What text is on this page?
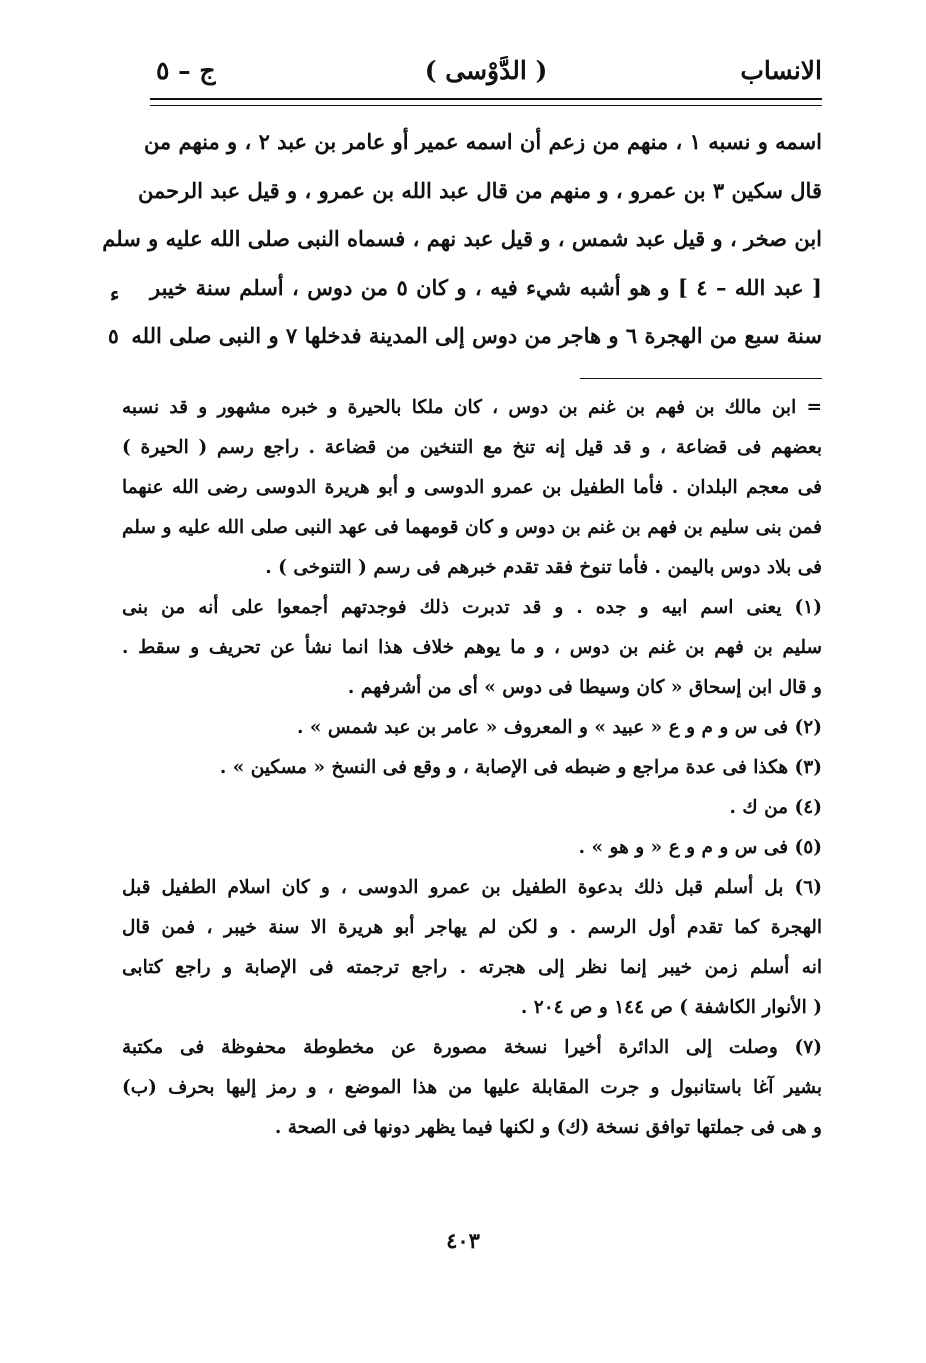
الانساب
( الدَّوْسى )
ج – ٥
اسمه و نسبه ١ ، منهم من زعم أن اسمه عمير أو عامر بن عبد ٢ ، و منهم من
قال سكين ٣ بن عمرو ، و منهم من قال عبد الله بن عمرو ، و قيل عبد الرحمن
ابن صخر ، و قيل عبد شمس ، و قيل عبد نهم ، فسماه النبى صلى الله عليه و سلم
[ عبد الله – ٤ ] و هو أشبه شيء فيه ، و كان ٥ من دوس ، أسلم سنة خيبر
سنة سبع من الهجرة ٦ و هاجر من دوس إلى المدينة فدخلها ٧ و النبى صلى الله
ء
٥
= ابن مالك بن فهم بن غنم بن دوس ، كان ملكا بالحيرة و خبره مشهور و قد نسبه
بعضهم فى قضاعة ، و قد قيل إنه تنخ مع التنخين من قضاعة . راجع رسم ( الحيرة )
فى معجم البلدان . فأما الطفيل بن عمرو الدوسى و أبو هريرة الدوسى رضى الله عنهما
فمن بنى سليم بن فهم بن غنم بن دوس و كان قومهما فى عهد النبى صلى الله عليه و سلم
فى بلاد دوس باليمن . فأما تنوخ فقد تقدم خبرهم فى رسم ( التنوخى ) .
(١) يعنى اسم ابيه و جده . و قد تدبرت ذلك فوجدتهم أجمعوا على أنه من بنى
سليم بن فهم بن غنم بن دوس ، و ما يوهم خلاف هذا انما نشأ عن تحريف و سقط .
و قال ابن إسحاق « كان وسيطا فى دوس » أى من أشرفهم .
(٢) فى س و م و ع « عبيد » و المعروف « عامر بن عبد شمس » .
(٣) هكذا فى عدة مراجع و ضبطه فى الإصابة ، و وقع فى النسخ « مسكين » .
(٤) من ك .
(٥) فى س و م و ع « و هو » .
(٦) بل أسلم قبل ذلك بدعوة الطفيل بن عمرو الدوسى ، و كان اسلام الطفيل قبل
الهجرة كما تقدم أول الرسم . و لكن لم يهاجر أبو هريرة الا سنة خيبر ، فمن قال
انه أسلم زمن خيبر إنما نظر إلى هجرته . راجع ترجمته فى الإصابة و راجع كتابى
( الأنوار الكاشفة ) ص ١٤٤ و ص ٢٠٤ .
(٧) وصلت إلى الدائرة أخيرا نسخة مصورة عن مخطوطة محفوظة فى مكتبة
بشير آغا باستانبول و جرت المقابلة عليها من هذا الموضع ، و رمز إليها بحرف (ب)
و هى فى جملتها توافق نسخة (ك) و لكنها فيما يظهر دونها فى الصحة .
٤٠٣
